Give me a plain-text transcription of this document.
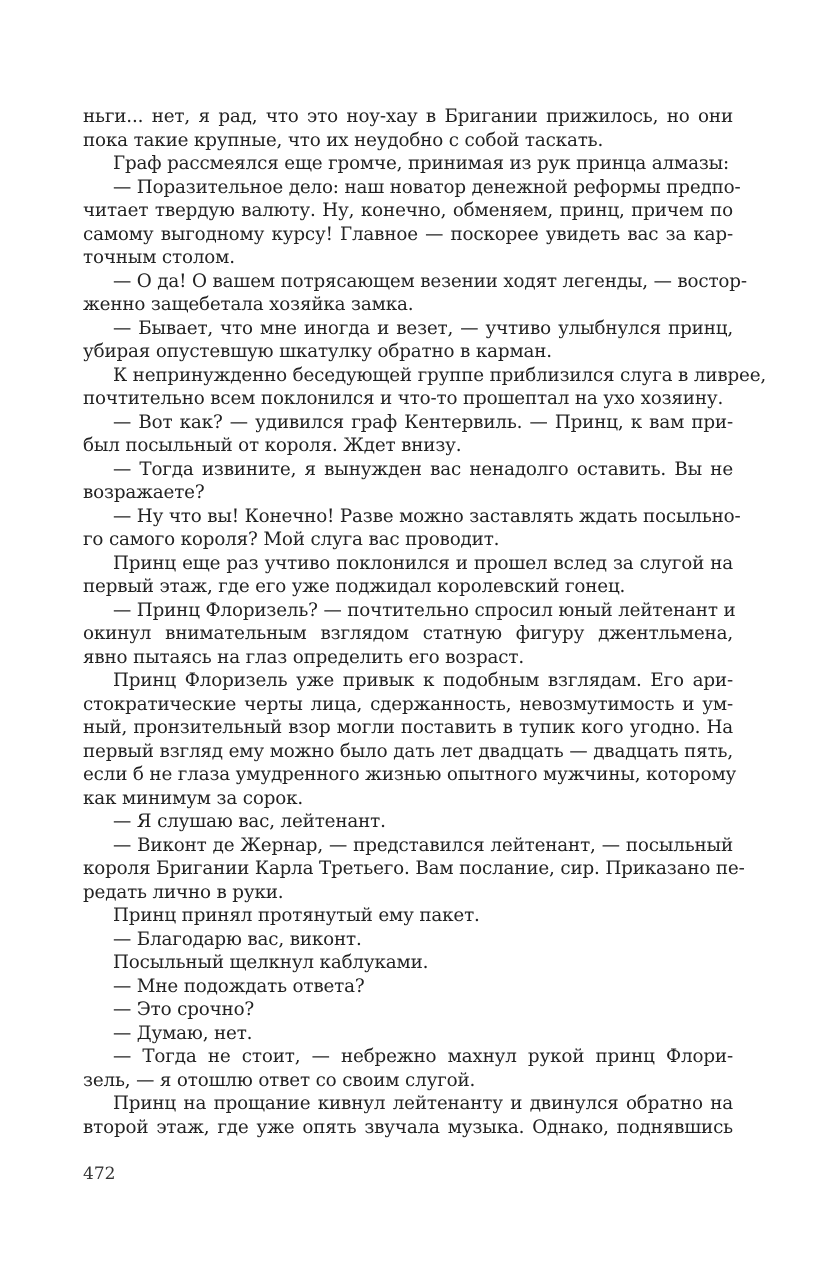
ньги... нет, я рад, что это ноу-хау в Бригании прижилось, но они
пока такие крупные, что их неудобно с собой таскать.
Граф рассмеялся еще громче, принимая из рук принца алмазы:
— Поразительное дело: наш новатор денежной реформы предпо-
читает твердую валюту. Ну, конечно, обменяем, принц, причем по
самому выгодному курсу! Главное — поскорее увидеть вас за кар-
точным столом.
— О да! О вашем потрясающем везении ходят легенды, — востор-
женно защебетала хозяйка замка.
— Бывает, что мне иногда и везет, — учтиво улыбнулся принц,
убирая опустевшую шкатулку обратно в карман.
К непринужденно беседующей группе приблизился слуга в ливрее,
почтительно всем поклонился и что-то прошептал на ухо хозяину.
— Вот как? — удивился граф Кентервиль. — Принц, к вам при-
был посыльный от короля. Ждет внизу.
— Тогда извините, я вынужден вас ненадолго оставить. Вы не
возражаете?
— Ну что вы! Конечно! Разве можно заставлять ждать посыльно-
го самого короля? Мой слуга вас проводит.
Принц еще раз учтиво поклонился и прошел вслед за слугой на
первый этаж, где его уже поджидал королевский гонец.
— Принц Флоризель? — почтительно спросил юный лейтенант и
окинул внимательным взглядом статную фигуру джентльмена,
явно пытаясь на глаз определить его возраст.
Принц Флоризель уже привык к подобным взглядам. Его ари-
стократические черты лица, сдержанность, невозмутимость и ум-
ный, пронзительный взор могли поставить в тупик кого угодно. На
первый взгляд ему можно было дать лет двадцать — двадцать пять,
если б не глаза умудренного жизнью опытного мужчины, которому
как минимум за сорок.
— Я слушаю вас, лейтенант.
— Виконт де Жернар, — представился лейтенант, — посыльный
короля Бригании Карла Третьего. Вам послание, сир. Приказано пе-
редать лично в руки.
Принц принял протянутый ему пакет.
— Благодарю вас, виконт.
Посыльный щелкнул каблуками.
— Мне подождать ответа?
— Это срочно?
— Думаю, нет.
— Тогда не стоит, — небрежно махнул рукой принц Флори-
зель, — я отошлю ответ со своим слугой.
Принц на прощание кивнул лейтенанту и двинулся обратно на
второй этаж, где уже опять звучала музыка. Однако, поднявшись
472
